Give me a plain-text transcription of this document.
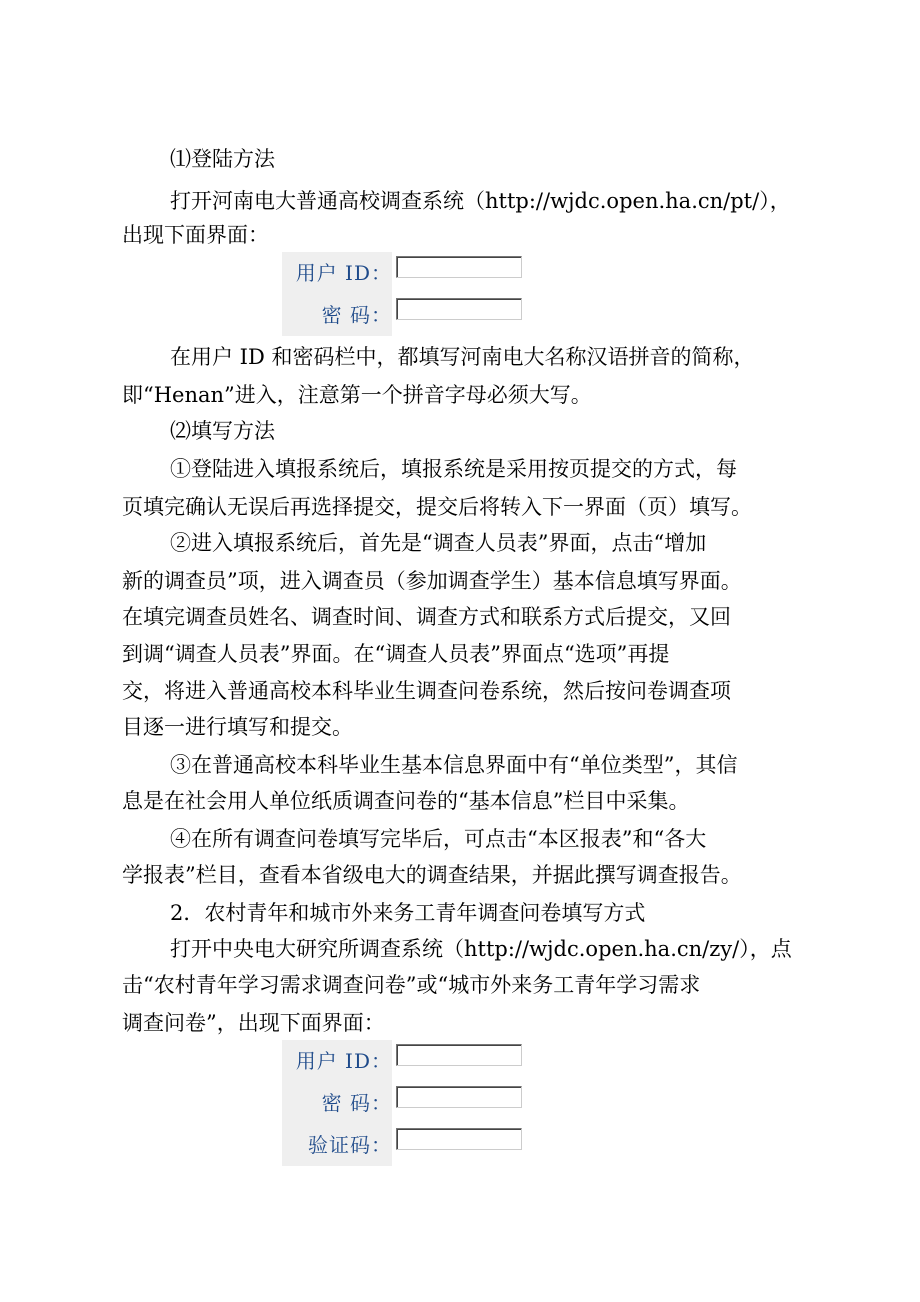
⑴登陆方法
打开河南电大普通高校调查系统（http://wjdc.open.ha.cn/pt/），
出现下面界面：
用户 ID：
密 码：
在用户 ID 和密码栏中，都填写河南电大名称汉语拼音的简称，
即“Henan”进入，注意第一个拼音字母必须大写。
⑵填写方法
①登陆进入填报系统后，填报系统是采用按页提交的方式，每
页填完确认无误后再选择提交，提交后将转入下一界面（页）填写。
②进入填报系统后，首先是“调查人员表”界面，点击“增加
新的调查员”项，进入调查员（参加调查学生）基本信息填写界面。
在填完调查员姓名、调查时间、调查方式和联系方式后提交，又回
到调“调查人员表”界面。在“调查人员表”界面点“选项”再提
交，将进入普通高校本科毕业生调查问卷系统，然后按问卷调查项
目逐一进行填写和提交。
③在普通高校本科毕业生基本信息界面中有“单位类型”，其信
息是在社会用人单位纸质调查问卷的“基本信息”栏目中采集。
④在所有调查问卷填写完毕后，可点击“本区报表”和“各大
学报表”栏目，查看本省级电大的调查结果，并据此撰写调查报告。
2．农村青年和城市外来务工青年调查问卷填写方式
打开中央电大研究所调查系统（http://wjdc.open.ha.cn/zy/），点
击“农村青年学习需求调查问卷”或“城市外来务工青年学习需求
调查问卷”，出现下面界面：
用户 ID：
密 码：
验证码：
